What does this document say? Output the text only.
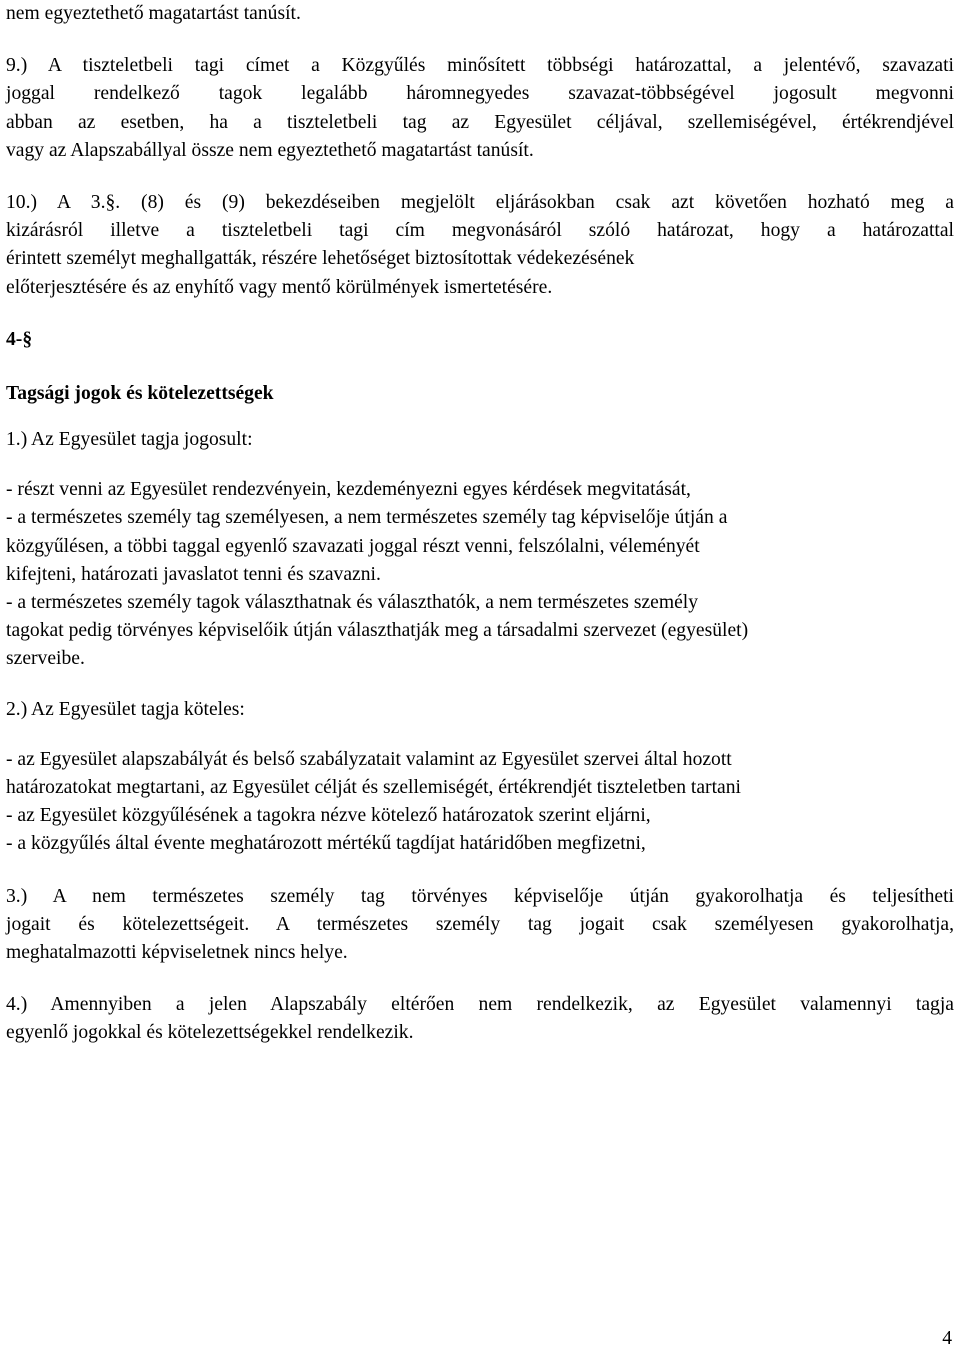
nem egyeztethető magatartást tanúsít.
9.) A tiszteletbeli tagi címet a Közgyűlés minősített többségi határozattal, a jelentévő, szavazati
joggal rendelkező tagok legalább háromnegyedes szavazat-többségével jogosult megvonni
abban az esetben, ha a tiszteletbeli tag az Egyesület céljával, szellemiségével, értékrendjével
vagy az Alapszabállyal össze nem egyeztethető magatartást tanúsít.
10.) A 3.§. (8) és (9) bekezdéseiben megjelölt eljárásokban csak azt követően hozható meg a
kizárásról illetve a tiszteletbeli tagi cím megvonásáról szóló határozat, hogy a határozattal
érintett személyt meghallgatták, részére lehetőséget biztosítottak védekezésének
előterjesztésére és az enyhítő vagy mentő körülmények ismertetésére.
4-§
Tagsági jogok és kötelezettségek
1.) Az Egyesület tagja jogosult:
- részt venni az Egyesület rendezvényein, kezdeményezni egyes kérdések megvitatását,
- a természetes személy tag személyesen, a nem természetes személy tag képviselője útján a
közgyűlésen, a többi taggal egyenlő szavazati joggal részt venni, felszólalni, véleményét
kifejteni, határozati javaslatot tenni és szavazni.
- a természetes személy tagok választhatnak és választhatók, a nem természetes személy
tagokat pedig törvényes képviselőik útján választhatják meg a társadalmi szervezet (egyesület)
szerveibe.
2.) Az Egyesület tagja köteles:
- az Egyesület alapszabályát és belső szabályzatait valamint az Egyesület szervei által hozott
határozatokat megtartani, az Egyesület célját és szellemiségét, értékrendjét tiszteletben tartani
- az Egyesület közgyűlésének a tagokra nézve kötelező határozatok szerint eljárni,
- a közgyűlés által évente meghatározott mértékű tagdíjat határidőben megfizetni,
3.) A nem természetes személy tag törvényes képviselője útján gyakorolhatja és teljesítheti
jogait és kötelezettségeit. A természetes személy tag jogait csak személyesen gyakorolhatja,
meghatalmazotti képviseletnek nincs helye.
4.) Amennyiben a jelen Alapszabály eltérően nem rendelkezik, az Egyesület valamennyi tagja
egyenlő jogokkal és kötelezettségekkel rendelkezik.
4
